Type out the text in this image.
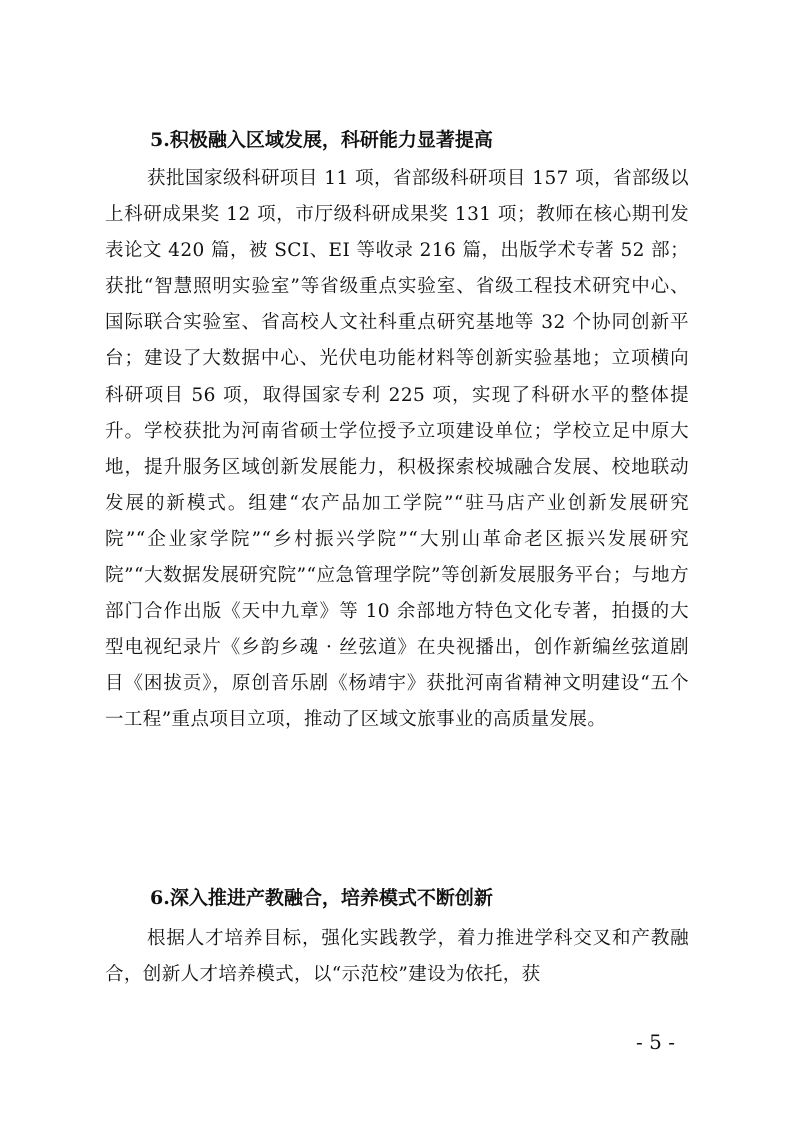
5.积极融入区域发展，科研能力显著提高

获批国家级科研项目 11 项，省部级科研项目 157 项，省部级以上科研成果奖 12 项，市厅级科研成果奖 131 项；教师在核心期刊发表论文 420 篇，被 SCI、EI 等收录 216 篇，出版学术专著 52 部；获批“智慧照明实验室”等省级重点实验室、省级工程技术研究中心、国际联合实验室、省高校人文社科重点研究基地等 32 个协同创新平台；建设了大数据中心、光伏电功能材料等创新实验基地；立项横向科研项目 56 项，取得国家专利 225 项，实现了科研水平的整体提升。学校获批为河南省硕士学位授予立项建设单位；学校立足中原大地，提升服务区域创新发展能力，积极探索校城融合发展、校地联动发展的新模式。组建“农产品加工学院”“驻马店产业创新发展研究院”“企业家学院”“乡村振兴学院”“大别山革命老区振兴发展研究院”“大数据发展研究院”“应急管理学院”等创新发展服务平台；与地方部门合作出版《天中九章》等 10 余部地方特色文化专著，拍摄的大型电视纪录片《乡韵乡魂 · 丝弦道》在央视播出，创作新编丝弦道剧目《困拔贡》，原创音乐剧《杨靖宇》获批河南省精神文明建设“五个一工程”重点项目立项，推动了区域文旅事业的高质量发展。

6.深入推进产教融合，培养模式不断创新

根据人才培养目标，强化实践教学，着力推进学科交叉和产教融合，创新人才培养模式，以“示范校”建设为依托，获

- 5 -
